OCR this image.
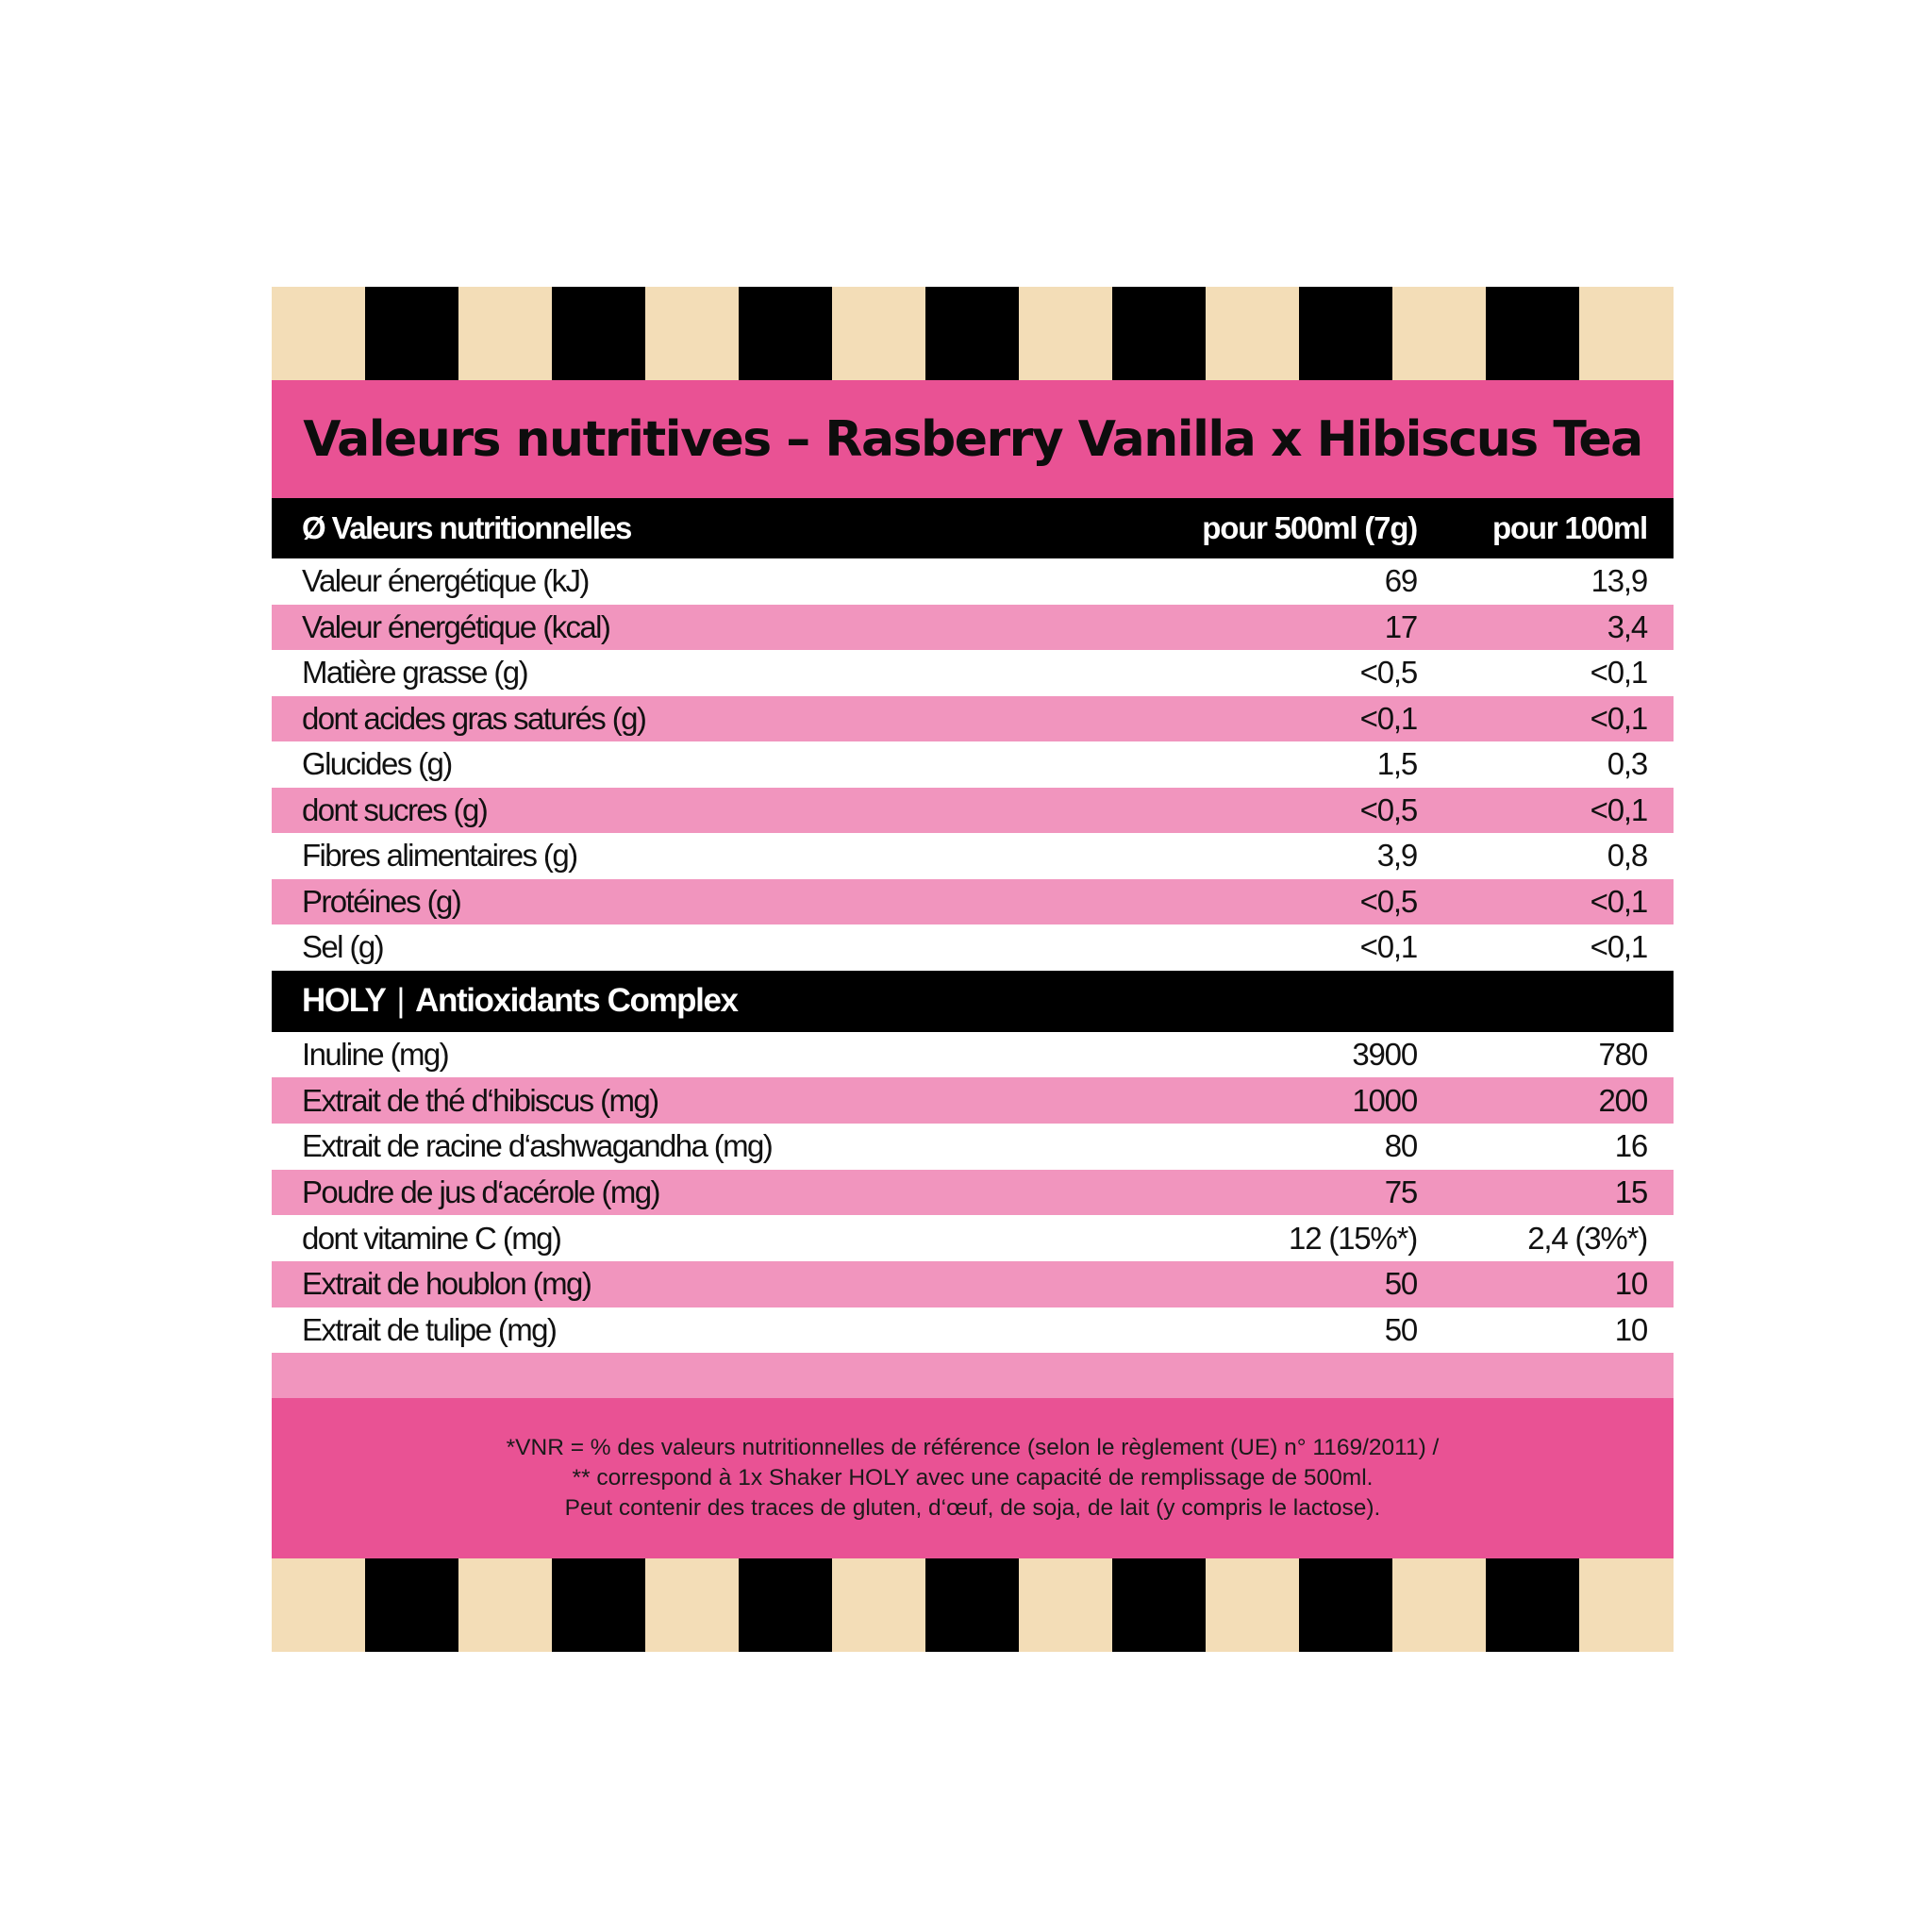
Valeurs nutritives – Rasberry Vanilla x Hibiscus Tea
Ø Valeurs nutritionnelles	pour 500ml (7g)	pour 100ml
Valeur énergétique (kJ)	69	13,9
Valeur énergétique (kcal)	17	3,4
Matière grasse (g)	<0,5	<0,1
dont acides gras saturés (g)	<0,1	<0,1
Glucides (g)	1,5	0,3
dont sucres (g)	<0,5	<0,1
Fibres alimentaires (g)	3,9	0,8
Protéines (g)	<0,5	<0,1
Sel (g)	<0,1	<0,1
HOLY | Antioxidants Complex
Inuline (mg)	3900	780
Extrait de thé d‘hibiscus (mg)	1000	200
Extrait de racine d‘ashwagandha (mg)	80	16
Poudre de jus d‘acérole (mg)	75	15
dont vitamine C (mg)	12 (15%*)	2,4 (3%*)
Extrait de houblon (mg)	50	10
Extrait de tulipe (mg)	50	10

*VNR = % des valeurs nutritionnelles de référence (selon le règlement (UE) n° 1169/2011) /

** correspond à 1x Shaker HOLY avec une capacité de remplissage de 500ml.

Peut contenir des traces de gluten, d‘œuf, de soja, de lait (y compris le lactose).
